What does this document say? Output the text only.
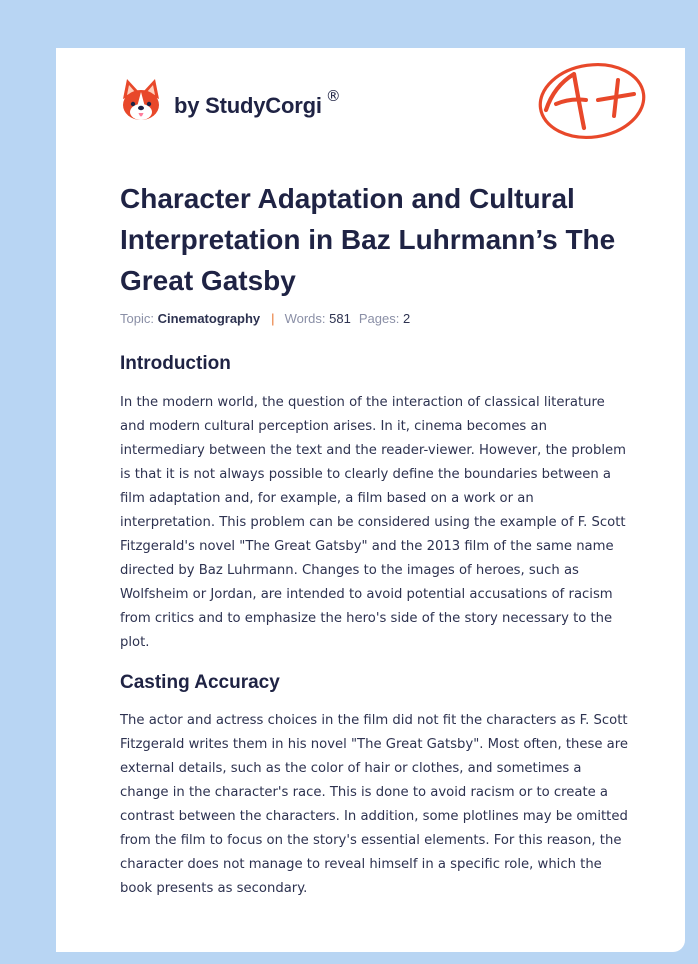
by StudyCorgi ®
Character Adaptation and Cultural Interpretation in Baz Luhrmann’s The Great Gatsby
Topic: Cinematography | Words: 581 Pages: 2
Introduction

In the modern world, the question of the interaction of classical literature and modern cultural perception arises. In it, cinema becomes an intermediary between the text and the reader-viewer. However, the problem is that it is not always possible to clearly define the boundaries between a film adaptation and, for example, a film based on a work or an interpretation. This problem can be considered using the example of F. Scott Fitzgerald's novel "The Great Gatsby" and the 2013 film of the same name directed by Baz Luhrmann. Changes to the images of heroes, such as Wolfsheim or Jordan, are intended to avoid potential accusations of racism from critics and to emphasize the hero's side of the story necessary to the plot.

Casting Accuracy

The actor and actress choices in the film did not fit the characters as F. Scott Fitzgerald writes them in his novel "The Great Gatsby". Most often, these are external details, such as the color of hair or clothes, and sometimes a change in the character's race. This is done to avoid racism or to create a contrast between the characters. In addition, some plotlines may be omitted from the film to focus on the story's essential elements. For this reason, the character does not manage to reveal himself in a specific role, which the book presents as secondary.
